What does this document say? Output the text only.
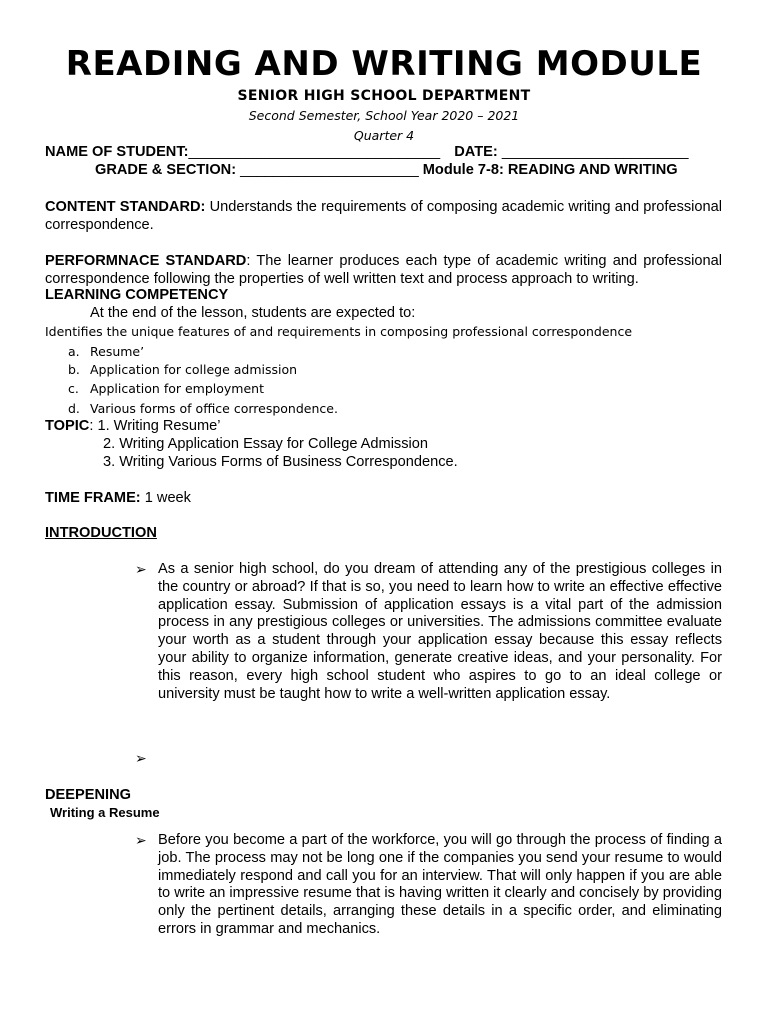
READING AND WRITING MODULE
SENIOR HIGH SCHOOL DEPARTMENT
Second Semester, School Year 2020 – 2021
Quarter 4
NAME OF STUDENT:_______________________________ DATE: _______________________
GRADE & SECTION: ______________________ Module 7-8: READING AND WRITING
CONTENT STANDARD: Understands the requirements of composing academic writing and professional correspondence.
PERFORMNACE STANDARD: The learner produces each type of academic writing and professional correspondence following the properties of well written text and process approach to writing.
LEARNING COMPETENCY
At the end of the lesson, students are expected to:
Identifies the unique features of and requirements in composing professional correspondence
a. Resume’
b. Application for college admission
c. Application for employment
d. Various forms of office correspondence.
TOPIC: 1. Writing Resume’
2. Writing Application Essay for College Admission
3. Writing Various Forms of Business Correspondence.
TIME FRAME: 1 week
INTRODUCTION
➢ As a senior high school, do you dream of attending any of the prestigious colleges in the country or abroad? If that is so, you need to learn how to write an effective effective application essay. Submission of application essays is a vital part of the admission process in any prestigious colleges or universities. The admissions committee evaluate your worth as a student through your application essay because this essay reflects your ability to organize information, generate creative ideas, and your personality. For this reason, every high school student who aspires to go to an ideal college or university must be taught how to write a well-written application essay.
➢
DEEPENING
Writing a Resume
➢ Before you become a part of the workforce, you will go through the process of finding a job. The process may not be long one if the companies you send your resume to would immediately respond and call you for an interview. That will only happen if you are able to write an impressive resume that is having written it clearly and concisely by providing only the pertinent details, arranging these details in a specific order, and eliminating errors in grammar and mechanics.
